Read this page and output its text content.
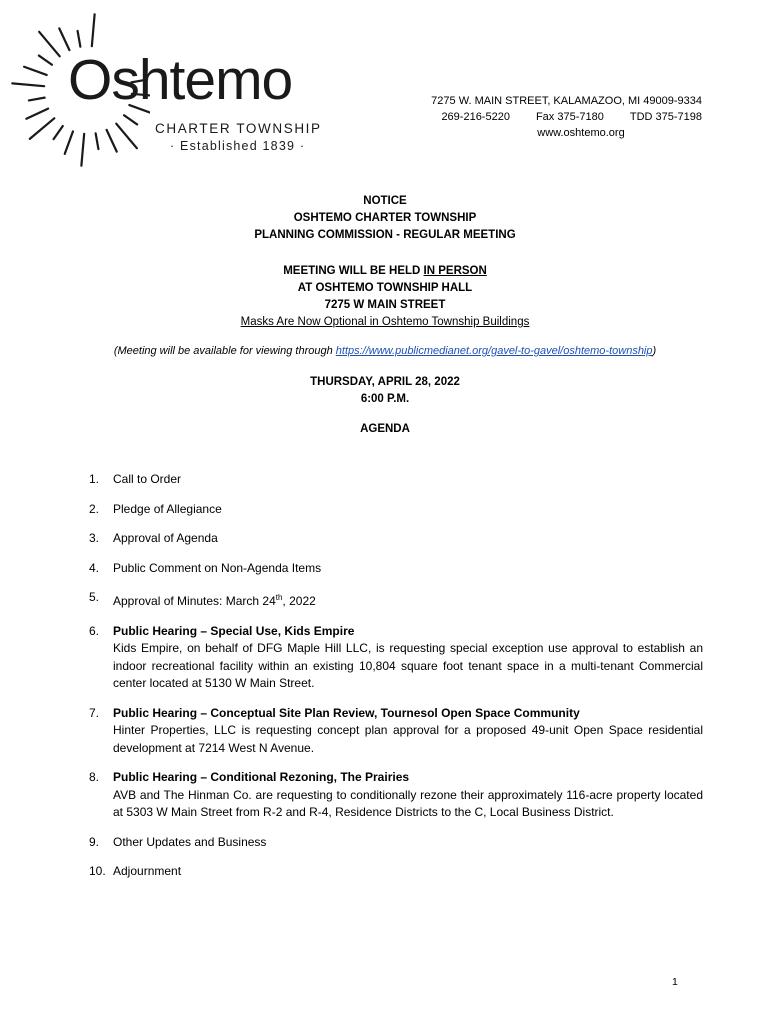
Oshtemo
CHARTER TOWNSHIP
· Established 1839 ·
7275 W. MAIN STREET, KALAMAZOO, MI 49009-9334
269-216-5220 Fax 375-7180 TDD 375-7198
www.oshtemo.org
NOTICE
OSHTEMO CHARTER TOWNSHIP
PLANNING COMMISSION - REGULAR MEETING
MEETING WILL BE HELD IN PERSON
AT OSHTEMO TOWNSHIP HALL
7275 W MAIN STREET
Masks Are Now Optional in Oshtemo Township Buildings
(Meeting will be available for viewing through https://www.publicmedianet.org/gavel-to-gavel/oshtemo-township)
THURSDAY, APRIL 28, 2022
6:00 P.M.
AGENDA
1.	Call to Order
2.	Pledge of Allegiance
3.	Approval of Agenda
4.	Public Comment on Non-Agenda Items
5.	Approval of Minutes: March 24th, 2022
6.	Public Hearing – Special Use, Kids Empire
Kids Empire, on behalf of DFG Maple Hill LLC, is requesting special exception use approval to establish an indoor recreational facility within an existing 10,804 square foot tenant space in a multi-tenant Commercial center located at 5130 W Main Street.
7.	Public Hearing – Conceptual Site Plan Review, Tournesol Open Space Community
Hinter Properties, LLC is requesting concept plan approval for a proposed 49-unit Open Space residential development at 7214 West N Avenue.
8.	Public Hearing – Conditional Rezoning, The Prairies
AVB and The Hinman Co. are requesting to conditionally rezone their approximately 116-acre property located at 5303 W Main Street from R-2 and R-4, Residence Districts to the C, Local Business District.
9.	Other Updates and Business
10. Adjournment
1
